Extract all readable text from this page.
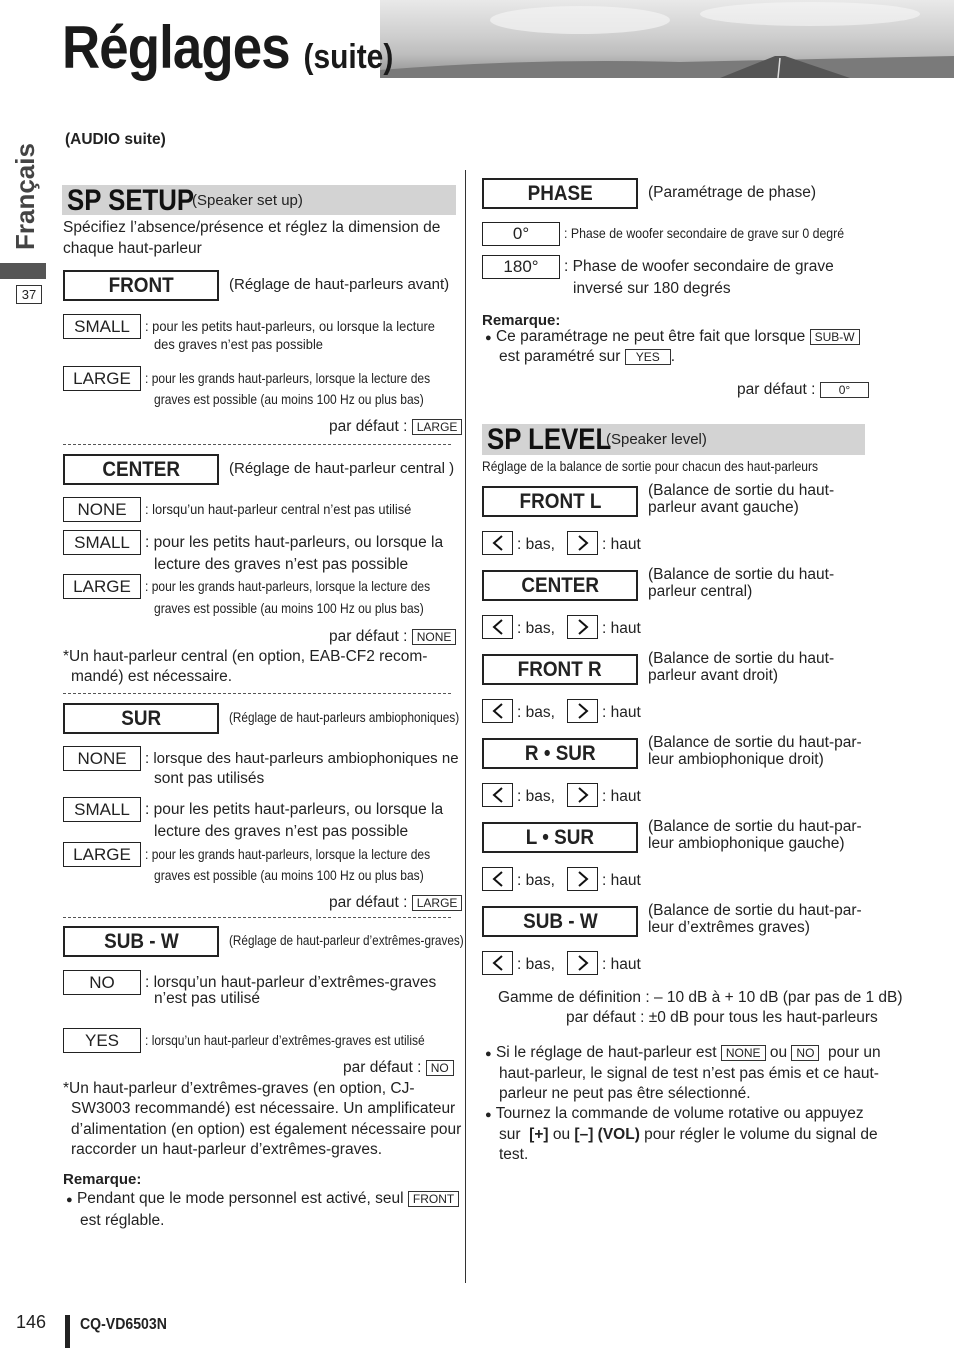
Réglages (suite)
Français
37
(AUDIO suite)
SP SETUP
(Speaker set up)
Spécifiez l’absence/présence et réglez la dimension de
chaque haut-parleur
FRONT	(Réglage de haut-parleurs avant)
SMALL	: pour les petits haut-parleurs, ou lorsque la lecture
des graves n’est pas possible
LARGE	: pour les grands haut-parleurs, lorsque la lecture des
graves est possible (au moins 100 Hz ou plus bas)
par défaut : LARGE
CENTER	(Réglage de haut-parleur central )
NONE	: lorsqu’un haut-parleur central n’est pas utilisé
SMALL : pour les petits haut-parleurs, ou lorsque la
lecture des graves n’est pas possible
LARGE	: pour les grands haut-parleurs, lorsque la lecture des
graves est possible (au moins 100 Hz ou plus bas)
par défaut : NONE
*Un haut-parleur central (en option, EAB-CF2 recom-
mandé) est nécessaire.
SUR	(Réglage de haut-parleurs ambiophoniques)
NONE	: lorsque des haut-parleurs ambiophoniques ne
sont pas utilisés
SMALL : pour les petits haut-parleurs, ou lorsque la
lecture des graves n’est pas possible
LARGE	: pour les grands haut-parleurs, lorsque la lecture des
graves est possible (au moins 100 Hz ou plus bas)
par défaut : LARGE
SUB - W	(Réglage de haut-parleur d’extrêmes-graves)
NO	: lorsqu’un haut-parleur d’extrêmes-graves
n’est pas utilisé
YES	: lorsqu’un haut-parleur d’extrêmes-graves est utilisé
par défaut : NO
*Un haut-parleur d’extrêmes-graves (en option, CJ-
SW3003 recommandé) est nécessaire. Un amplificateur
d’alimentation (en option) est également nécessaire pour
raccorder un haut-parleur d’extrêmes-graves.
Remarque:
● Pendant que le mode personnel est activé, seul FRONT
est réglable.
PHASE	(Paramétrage de phase)
0°	: Phase de woofer secondaire de grave sur 0 degré
180°	: Phase de woofer secondaire de grave
inversé sur 180 degrés
Remarque:
● Ce paramétrage ne peut être fait que lorsque SUB-W
est paramétré sur YES .
par défaut : 0°
SP LEVEL
(Speaker level)
Réglage de la balance de sortie pour chacun des haut-parleurs
FRONT L	(Balance de sortie du haut-
parleur avant gauche)
: bas,	: haut
CENTER	(Balance de sortie du haut-
parleur central)
: bas,	: haut
FRONT R	(Balance de sortie du haut-
parleur avant droit)
: bas,	: haut
R • SUR	(Balance de sortie du haut-par-
leur ambiophonique droit)
: bas,	: haut
L • SUR	(Balance de sortie du haut-par-
leur ambiophonique gauche)
: bas,	: haut
SUB - W	(Balance de sortie du haut-par-
leur d’extrêmes graves)
: bas,	: haut
Gamme de définition : – 10 dB à + 10 dB (par pas de 1 dB)
par défaut : ±0 dB pour tous les haut-parleurs
● Si le réglage de haut-parleur est NONE ou NO pour un
haut-parleur, le signal de test n’est pas émis et ce haut-
parleur ne peut pas être sélectionné.
● Tournez la commande de volume rotative ou appuyez
sur [+] ou [–] (VOL) pour régler le volume du signal de
test.
146 CQ-VD6503N
